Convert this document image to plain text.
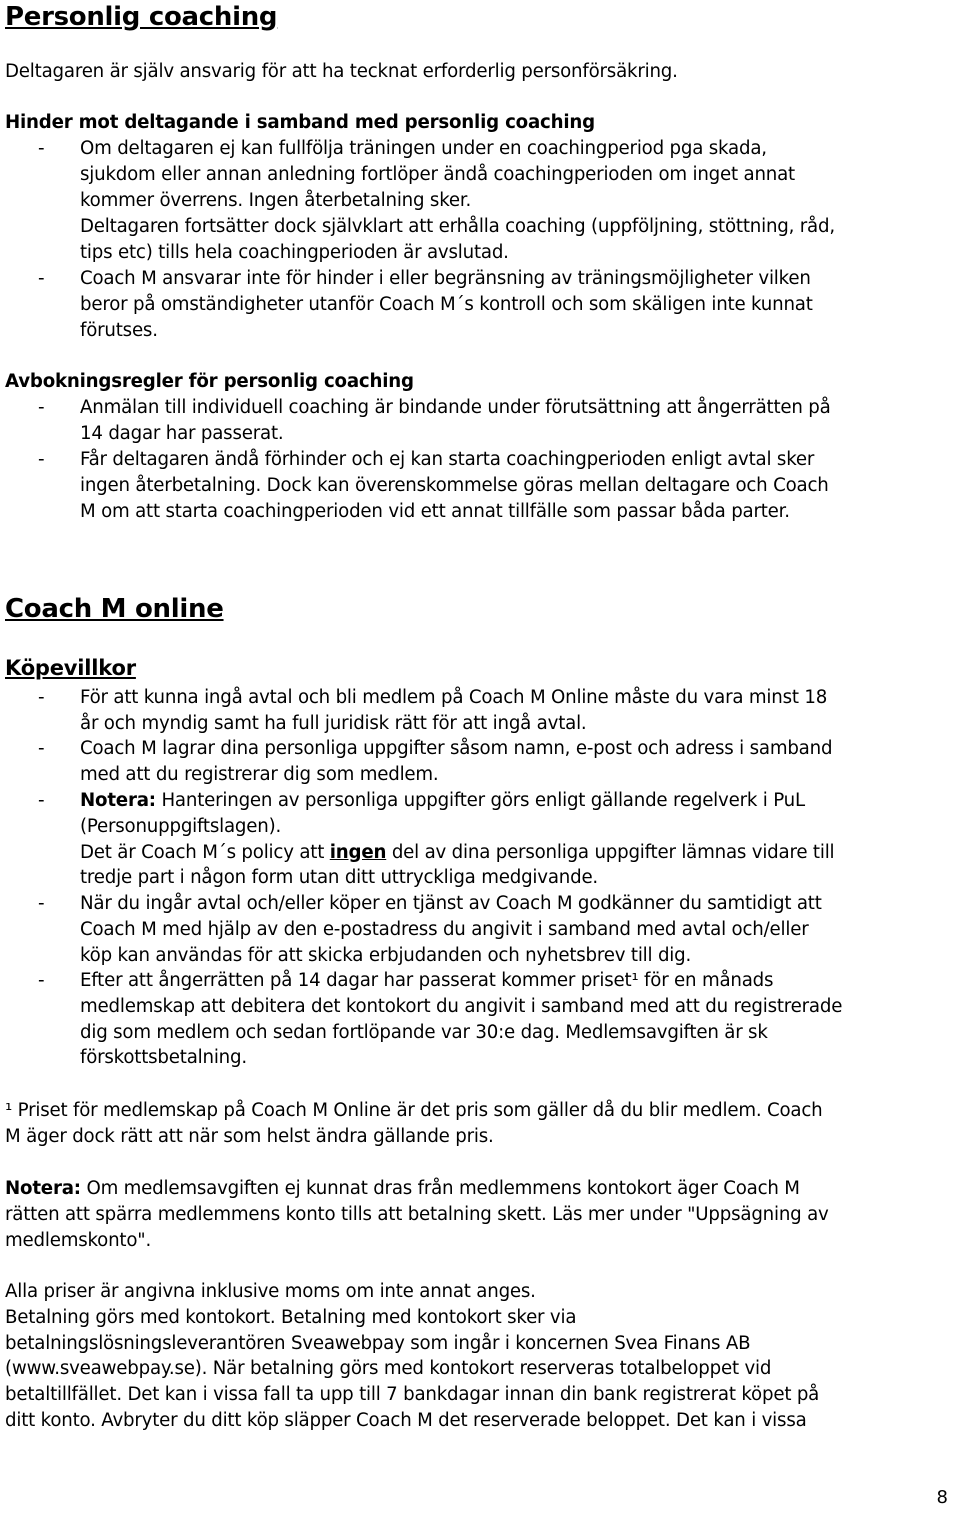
Personlig coaching

Deltagaren är själv ansvarig för att ha tecknat erforderlig personförsäkring.

Hinder mot deltagande i samband med personlig coaching

- Om deltagaren ej kan fullfölja träningen under en coachingperiod pga skada,
sjukdom eller annan anledning fortlöper ändå coachingperioden om inget annat
kommer överrens. Ingen återbetalning sker.
Deltagaren fortsätter dock självklart att erhålla coaching (uppföljning, stöttning, råd,
tips etc) tills hela coachingperioden är avslutad.
- Coach M ansvarar inte för hinder i eller begränsning av träningsmöjligheter vilken
beror på omständigheter utanför Coach M´s kontroll och som skäligen inte kunnat
förutses.

Avbokningsregler för personlig coaching

- Anmälan till individuell coaching är bindande under förutsättning att ångerrätten på
14 dagar har passerat.
- Får deltagaren ändå förhinder och ej kan starta coachingperioden enligt avtal sker
ingen återbetalning. Dock kan överenskommelse göras mellan deltagare och Coach
M om att starta coachingperioden vid ett annat tillfälle som passar båda parter.
Coach M online
Köpevillkor
- För att kunna ingå avtal och bli medlem på Coach M Online måste du vara minst 18
år och myndig samt ha full juridisk rätt för att ingå avtal.
- Coach M lagrar dina personliga uppgifter såsom namn, e-post och adress i samband
med att du registrerar dig som medlem.
- Notera: Hanteringen av personliga uppgifter görs enligt gällande regelverk i PuL
(Personuppgiftslagen).
Det är Coach M´s policy att ingen del av dina personliga uppgifter lämnas vidare till
tredje part i någon form utan ditt uttryckliga medgivande.
- När du ingår avtal och/eller köper en tjänst av Coach M godkänner du samtidigt att
Coach M med hjälp av den e-postadress du angivit i samband med avtal och/eller
köp kan användas för att skicka erbjudanden och nyhetsbrev till dig.
- Efter att ångerrätten på 14 dagar har passerat kommer priset¹ för en månads
medlemskap att debitera det kontokort du angivit i samband med att du registrerade
dig som medlem och sedan fortlöpande var 30:e dag. Medlemsavgiften är sk
förskottsbetalning.
¹ Priset för medlemskap på Coach M Online är det pris som gäller då du blir medlem. Coach
M äger dock rätt att när som helst ändra gällande pris.
Notera: Om medlemsavgiften ej kunnat dras från medlemmens kontokort äger Coach M
rätten att spärra medlemmens konto tills att betalning skett. Läs mer under "Uppsägning av
medlemskonto".
Alla priser är angivna inklusive moms om inte annat anges.
Betalning görs med kontokort. Betalning med kontokort sker via
betalningslösningsleverantören Sveawebpay som ingår i koncernen Svea Finans AB
(www.sveawebpay.se). När betalning görs med kontokort reserveras totalbeloppet vid
betaltillfället. Det kan i vissa fall ta upp till 7 bankdagar innan din bank registrerat köpet på
ditt konto. Avbryter du ditt köp släpper Coach M det reserverade beloppet. Det kan i vissa
8
